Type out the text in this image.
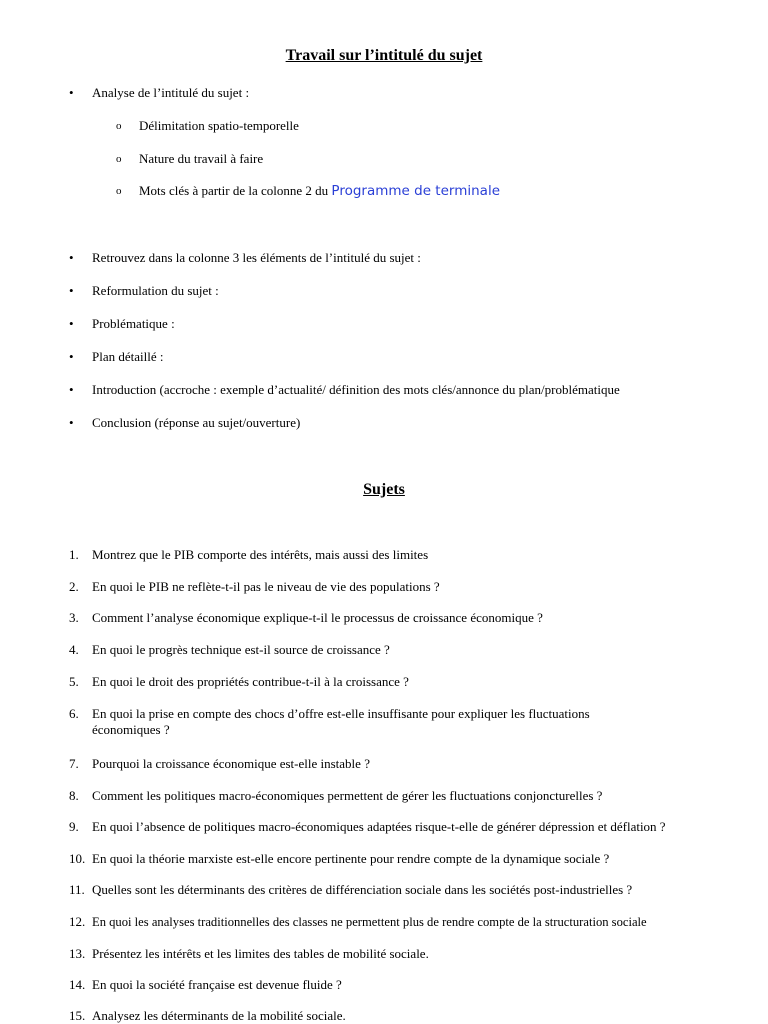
Travail sur l’intitulé du sujet
• Analyse de l’intitulé du sujet :
o Délimitation spatio-temporelle
o Nature du travail à faire
o Mots clés à partir de la colonne 2 du Programme de terminale
• Retrouvez dans la colonne 3 les éléments de l’intitulé du sujet :
• Reformulation du sujet :
• Problématique :
• Plan détaillé :
• Introduction (accroche : exemple d’actualité/ définition des mots clés/annonce du plan/problématique
• Conclusion (réponse au sujet/ouverture)
Sujets
1. Montrez que le PIB comporte des intérêts, mais aussi des limites
2. En quoi le PIB ne reflète-t-il pas le niveau de vie des populations ?
3. Comment l’analyse économique explique-t-il le processus de croissance économique ?
4. En quoi le progrès technique est-il source de croissance ?
5. En quoi le droit des propriétés contribue-t-il à la croissance ?
6. En quoi la prise en compte des chocs d’offre est-elle insuffisante pour expliquer les fluctuations économiques ?
7. Pourquoi la croissance économique est-elle instable ?
8. Comment les politiques macro-économiques permettent de gérer les fluctuations conjoncturelles ?
9. En quoi l’absence de politiques macro-économiques adaptées risque-t-elle de générer dépression et déflation ?
10. En quoi la théorie marxiste est-elle encore pertinente pour rendre compte de la dynamique sociale ?
11. Quelles sont les déterminants des critères de différenciation sociale dans les sociétés post-industrielles ?
12. En quoi les analyses traditionnelles des classes ne permettent plus de rendre compte de la structuration sociale
13. Présentez les intérêts et les limites des tables de mobilité sociale.
14. En quoi la société française est devenue fluide ?
15. Analysez les déterminants de la mobilité sociale.
